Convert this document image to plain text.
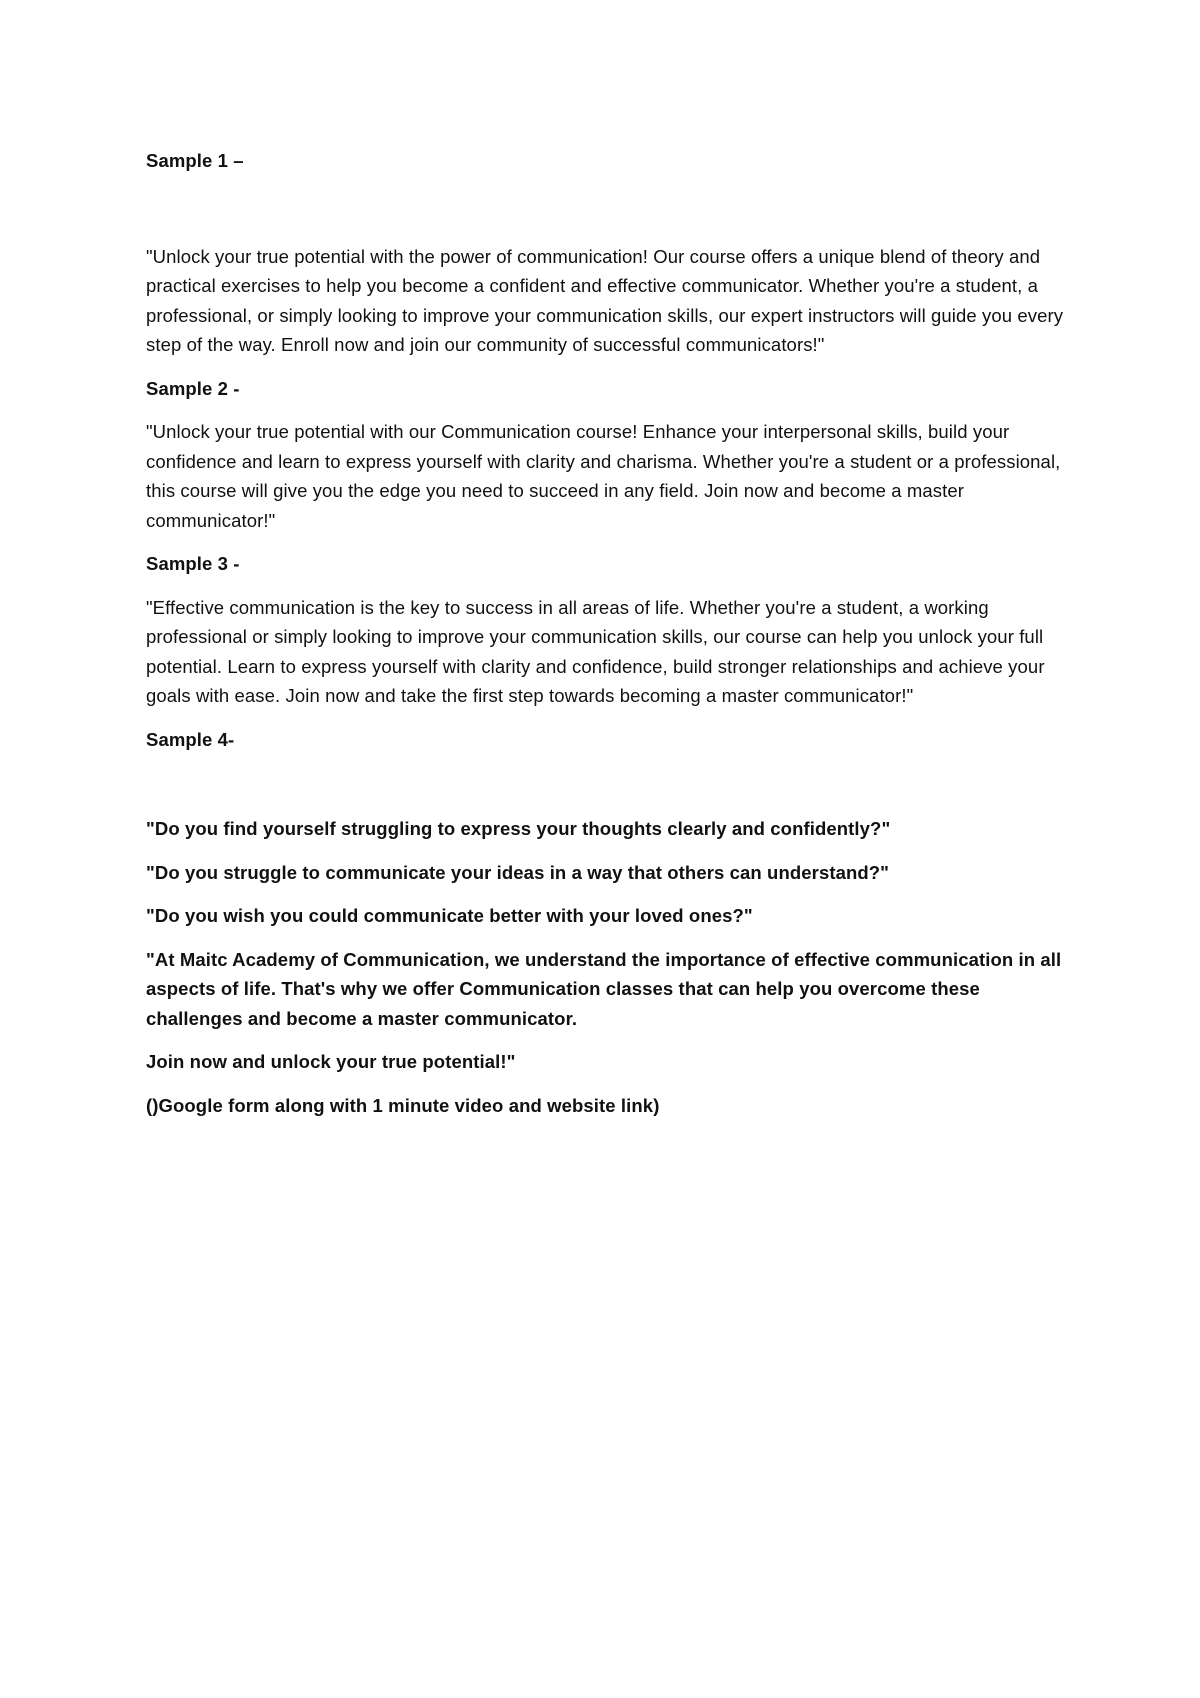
Sample 1 –

"Unlock your true potential with the power of communication! Our course offers a unique blend of theory and practical exercises to help you become a confident and effective communicator. Whether you're a student, a professional, or simply looking to improve your communication skills, our expert instructors will guide you every step of the way. Enroll now and join our community of successful communicators!"

Sample 2 -

"Unlock your true potential with our Communication course! Enhance your interpersonal skills, build your confidence and learn to express yourself with clarity and charisma. Whether you're a student or a professional, this course will give you the edge you need to succeed in any field. Join now and become a master communicator!"

Sample 3 -

"Effective communication is the key to success in all areas of life. Whether you're a student, a working professional or simply looking to improve your communication skills, our course can help you unlock your full potential. Learn to express yourself with clarity and confidence, build stronger relationships and achieve your goals with ease. Join now and take the first step towards becoming a master communicator!"

Sample 4-

"Do you find yourself struggling to express your thoughts clearly and confidently?"

"Do you struggle to communicate your ideas in a way that others can understand?"

"Do you wish you could communicate better with your loved ones?"

"At Maitc Academy of Communication, we understand the importance of effective communication in all aspects of life. That's why we offer Communication classes that can help you overcome these challenges and become a master communicator.

Join now and unlock your true potential!"

()Google form along with 1 minute video and website link)
